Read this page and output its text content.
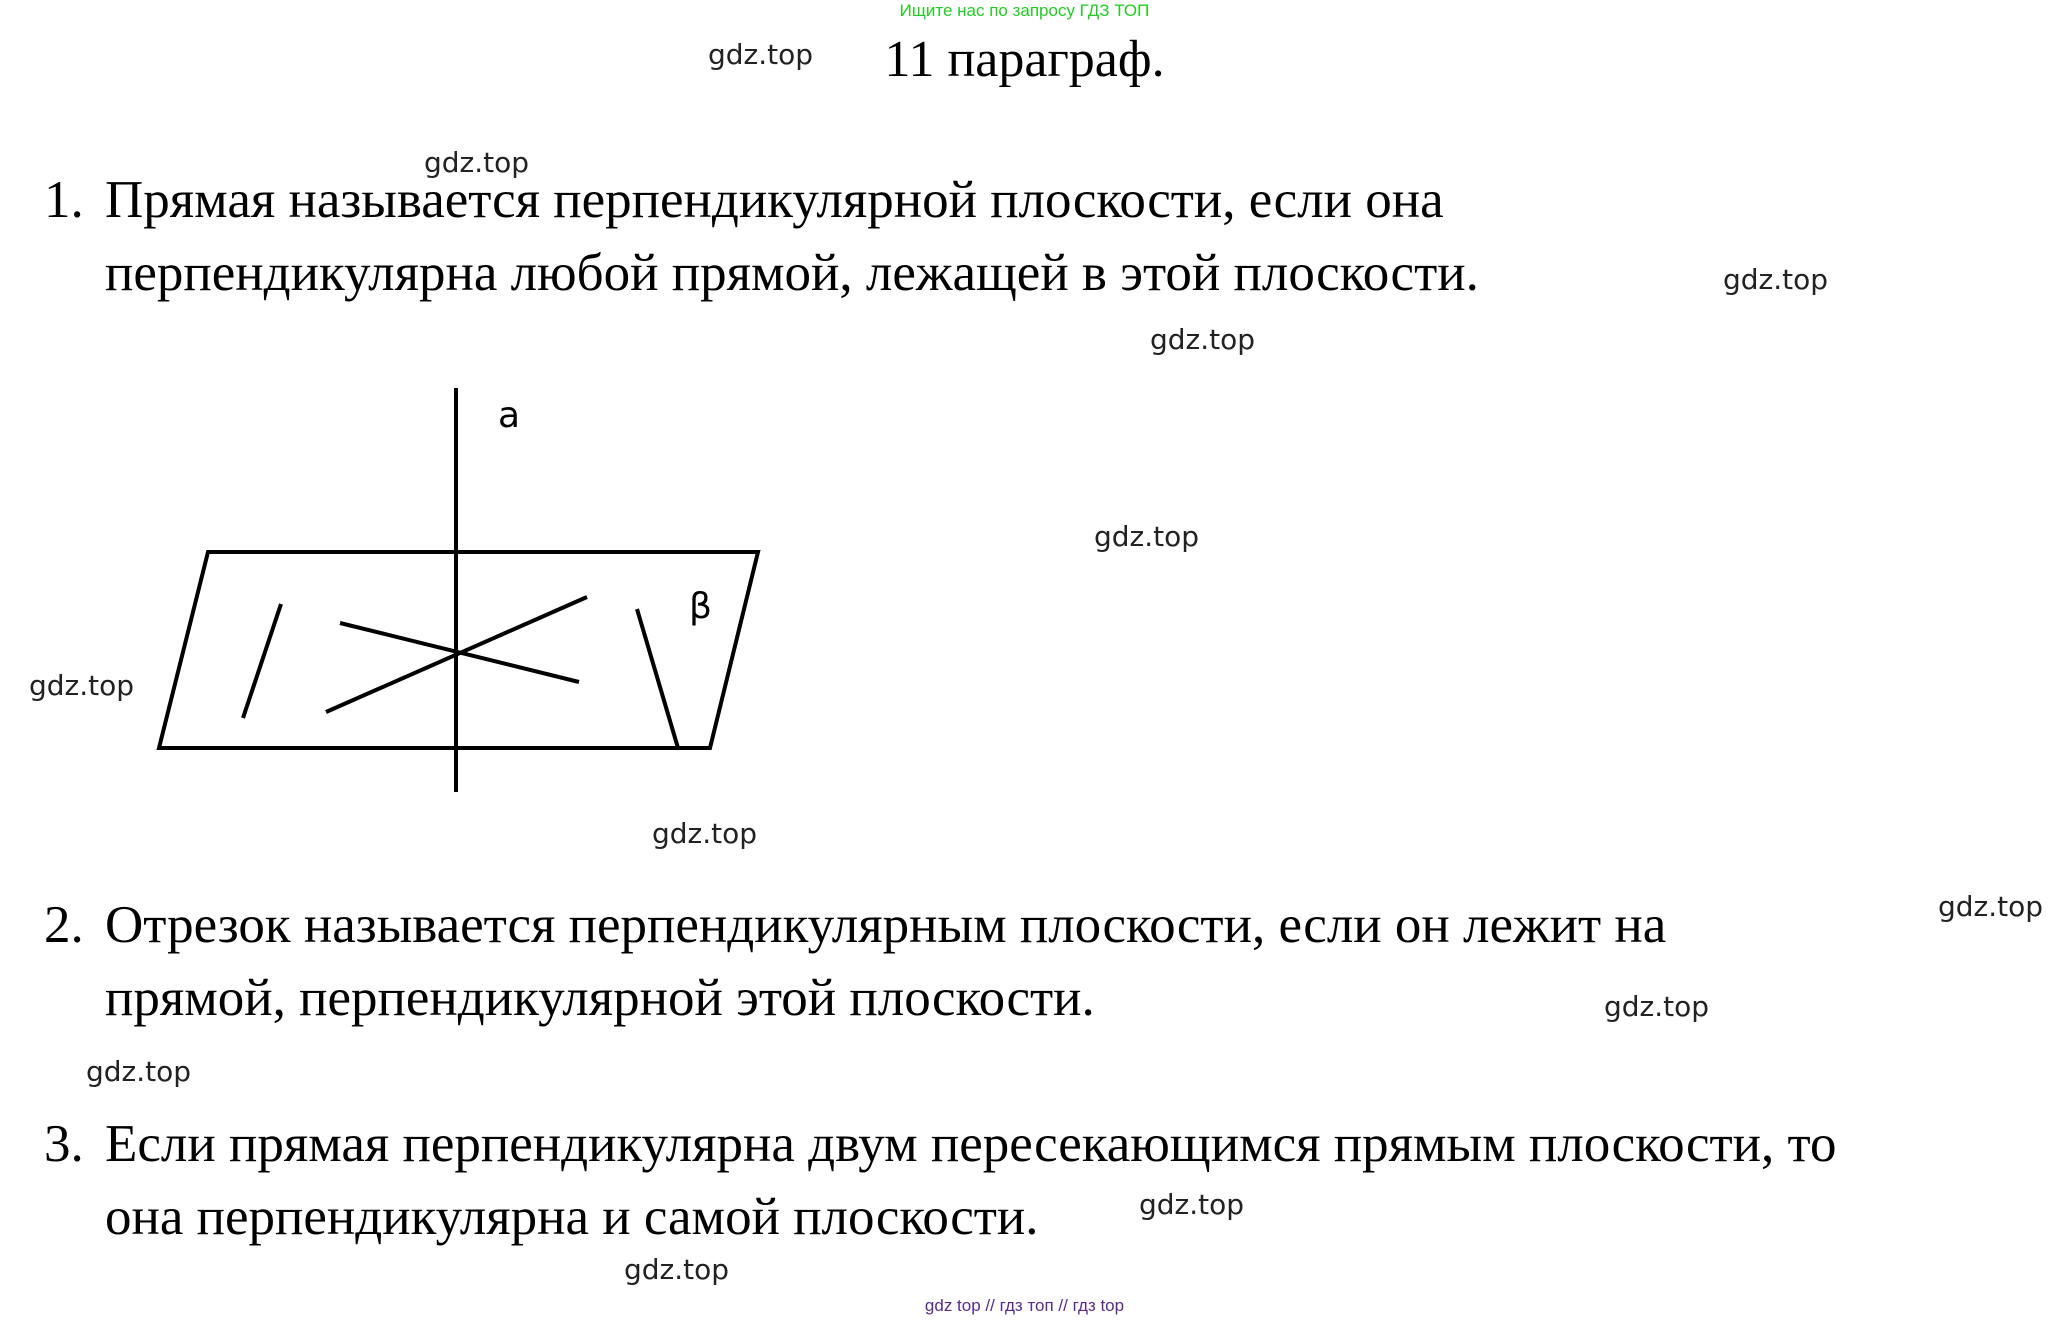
Ищите нас по запросу ГДЗ ТОП
11 параграф.
1. Прямая называется перпендикулярной плоскости, если она
перпендикулярна любой прямой, лежащей в этой плоскости.
a
β
2. Отрезок называется перпендикулярным плоскости, если он лежит на
прямой, перпендикулярной этой плоскости.
3. Если прямая перпендикулярна двум пересекающимся прямым плоскости, то
она перпендикулярна и самой плоскости.
gdz.top
gdz.top
gdz.top
gdz.top
gdz.top
gdz.top
gdz.top
gdz.top
gdz.top
gdz.top
gdz.top
gdz.top
gdz top // гдз топ // гдз top
